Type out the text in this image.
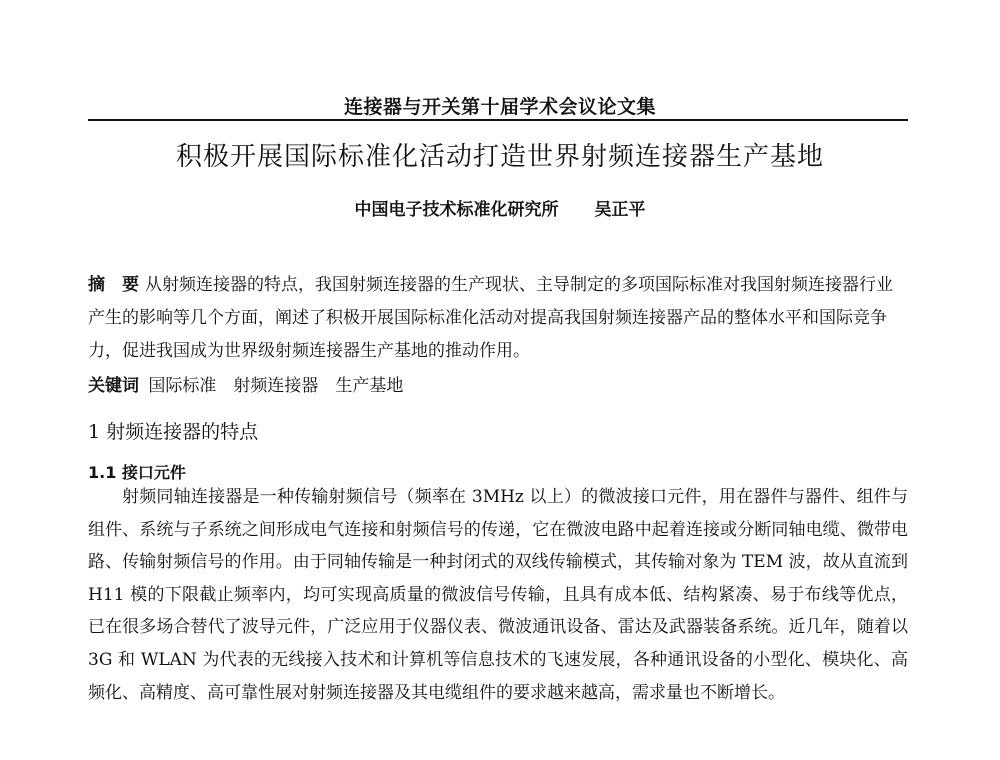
连接器与开关第十届学术会议论文集
积极开展国际标准化活动打造世界射频连接器生产基地
中国电子技术标准化研究所 吴正平
摘　要 从射频连接器的特点，我国射频连接器的生产现状、主导制定的多项国际标准对我国射频连接器行业产生的影响等几个方面，阐述了积极开展国际标准化活动对提高我国射频连接器产品的整体水平和国际竞争力，促进我国成为世界级射频连接器生产基地的推动作用。
关键词 国际标准　射频连接器　生产基地
1 射频连接器的特点
1.1 接口元件
射频同轴连接器是一种传输射频信号（频率在 3MHz 以上）的微波接口元件，用在器件与器件、组件与组件、系统与子系统之间形成电气连接和射频信号的传递，它在微波电路中起着连接或分断同轴电缆、微带电路、传输射频信号的作用。由于同轴传输是一种封闭式的双线传输模式，其传输对象为 TEM 波，故从直流到 H11 模的下限截止频率内，均可实现高质量的微波信号传输，且具有成本低、结构紧凑、易于布线等优点，已在很多场合替代了波导元件，广泛应用于仪器仪表、微波通讯设备、雷达及武器装备系统。近几年，随着以 3G 和 WLAN 为代表的无线接入技术和计算机等信息技术的飞速发展，各种通讯设备的小型化、模块化、高频化、高精度、高可靠性展对射频连接器及其电缆组件的要求越来越高，需求量也不断增长。
